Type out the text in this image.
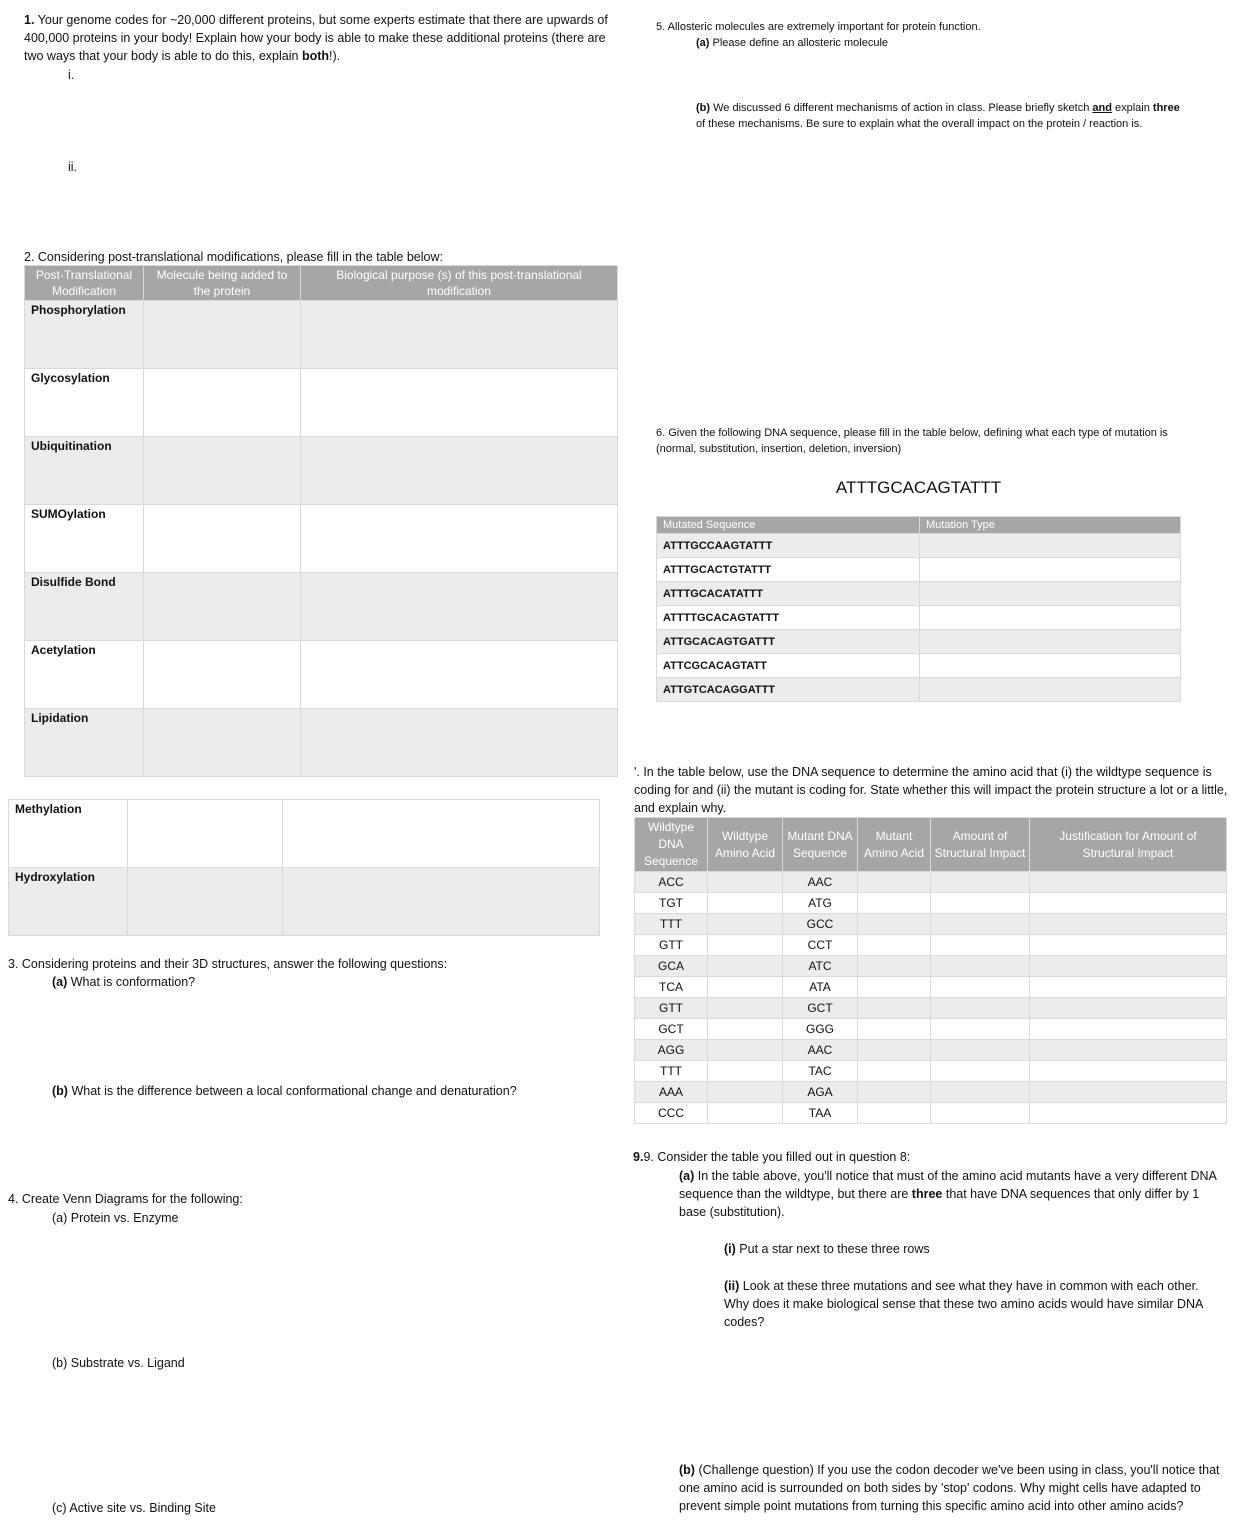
1. Your genome codes for ~20,000 different proteins, but some experts estimate that there are upwards of 400,000 proteins in your body! Explain how your body is able to make these additional proteins (there are two ways that your body is able to do this, explain both!).
i.
ii.
2. Considering post-translational modifications, please fill in the table below:
Post-Translational Modification	Molecule being added to the protein	Biological purpose (s) of this post-translational modification
Phosphorylation		
Glycosylation		
Ubiquitination		
SUMOylation		
Disulfide Bond		
Acetylation		
Lipidation		
Methylation		
Hydroxylation		
3. Considering proteins and their 3D structures, answer the following questions:
(a) What is conformation?
(b) What is the difference between a local conformational change and denaturation?
4. Create Venn Diagrams for the following:
(a) Protein vs. Enzyme
(b) Substrate vs. Ligand
(c) Active site vs. Binding Site
5. Allosteric molecules are extremely important for protein function.
(a) Please define an allosteric molecule
(b) We discussed 6 different mechanisms of action in class. Please briefly sketch and explain three of these mechanisms. Be sure to explain what the overall impact on the protein / reaction is.
6. Given the following DNA sequence, please fill in the table below, defining what each type of mutation is (normal, substitution, insertion, deletion, inversion)
ATTTGCACAGTATTT
Mutated Sequence	Mutation Type
ATTTGCCAAGTATTT	
ATTTGCACTGTATTT	
ATTTGCACATATTT	
ATTTTGCACAGTATTT	
ATTGCACAGTGATTT	
ATTCGCACAGTATT	
ATTGTCACAGGATTT	
'. In the table below, use the DNA sequence to determine the amino acid that (i) the wildtype sequence is coding for and (ii) the mutant is coding for. State whether this will impact the protein structure a lot or a little, and explain why.
Wildtype DNA Sequence	Wildtype Amino Acid	Mutant DNA Sequence	Mutant Amino Acid	Amount of Structural Impact	Justification for Amount of Structural Impact
ACC		AAC			
TGT		ATG			
TTT		GCC			
GTT		CCT			
GCA		ATC			
TCA		ATA			
GTT		GCT			
GCT		GGG			
AGG		AAC			
TTT		TAC			
AAA		AGA			
CCC		TAA			
9.9. Consider the table you filled out in question 8:
(a) In the table above, you'll notice that must of the amino acid mutants have a very different DNA sequence than the wildtype, but there are three that have DNA sequences that only differ by 1 base (substitution).
(i) Put a star next to these three rows
(ii) Look at these three mutations and see what they have in common with each other. Why does it make biological sense that these two amino acids would have similar DNA codes?
(b) (Challenge question) If you use the codon decoder we've been using in class, you'll notice that one amino acid is surrounded on both sides by 'stop' codons. Why might cells have adapted to prevent simple point mutations from turning this specific amino acid into other amino acids?
